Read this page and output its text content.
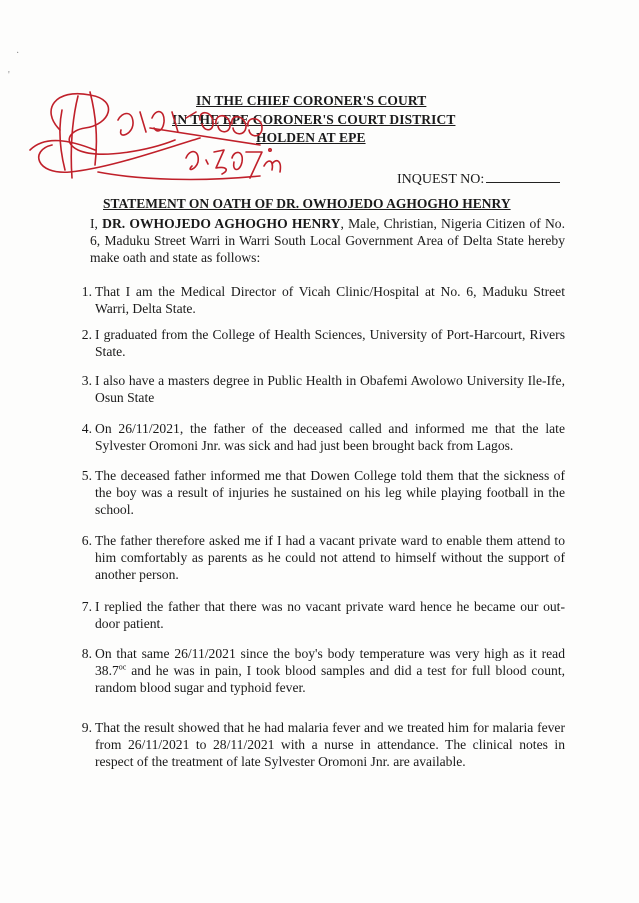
IN THE CHIEF CORONER'S COURT
IN THE EPE CORONER'S COURT DISTRICT
HOLDEN AT EPE
INQUEST NO:
STATEMENT ON OATH OF DR. OWHOJEDO AGHOGHO HENRY
I, DR. OWHOJEDO AGHOGHO HENRY, Male, Christian, Nigeria Citizen of No. 6, Maduku Street Warri in Warri South Local Government Area of Delta State hereby make oath and state as follows:
1. That I am the Medical Director of Vicah Clinic/Hospital at No. 6, Maduku Street Warri, Delta State.
2. I graduated from the College of Health Sciences, University of Port-Harcourt, Rivers State.
3. I also have a masters degree in Public Health in Obafemi Awolowo University Ile-Ife, Osun State
4. On 26/11/2021, the father of the deceased called and informed me that the late Sylvester Oromoni Jnr. was sick and had just been brought back from Lagos.
5. The deceased father informed me that Dowen College told them that the sickness of the boy was a result of injuries he sustained on his leg while playing football in the school.
6. The father therefore asked me if I had a vacant private ward to enable them attend to him comfortably as parents as he could not attend to himself without the support of another person.
7. I replied the father that there was no vacant private ward hence he became our out-door patient.
8. On that same 26/11/2021 since the boy's body temperature was very high as it read $38.7^{oc}$ and he was in pain, I took blood samples and did a test for full blood count, random blood sugar and typhoid fever.
9. That the result showed that he had malaria fever and we treated him for malaria fever from 26/11/2021 to 28/11/2021 with a nurse in attendance. The clinical notes in respect of the treatment of late Sylvester Oromoni Jnr. are available.
·
'
